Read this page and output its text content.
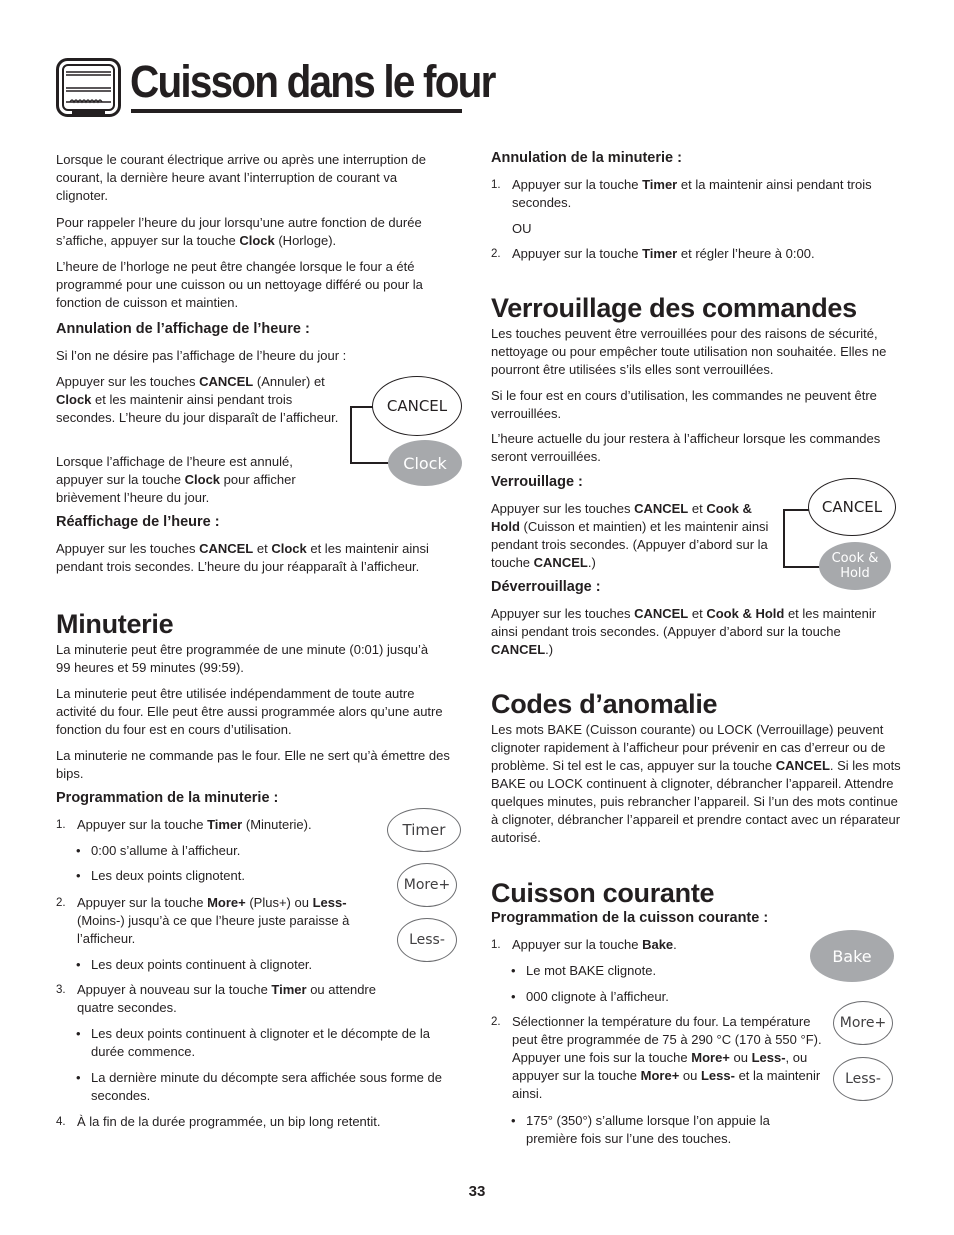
Cuisson dans le four
Lorsque le courant électrique arrive ou après une interruption de courant, la dernière heure avant l’interruption de courant va clignoter.
Pour rappeler l’heure du jour lorsqu’une autre fonction de durée s’affiche, appuyer sur la touche Clock (Horloge).
L’heure de l’horloge ne peut être changée lorsque le four a été programmé pour une cuisson ou un nettoyage différé ou pour la fonction de cuisson et maintien.
Annulation de l’affichage de l’heure :
Si l’on ne désire pas l’affichage de l’heure du jour :
Appuyer sur les touches CANCEL (Annuler) et Clock et les maintenir ainsi pendant trois secondes. L’heure du jour disparaît de l’afficheur.
Lorsque l’affichage de l’heure est annulé, appuyer sur la touche Clock pour afficher brièvement l’heure du jour.
CANCEL
Clock
Réaffichage de l’heure :
Appuyer sur les touches CANCEL et Clock et les maintenir ainsi pendant trois secondes. L’heure du jour réapparaît à l’afficheur.
Minuterie
La minuterie peut être programmée de une minute (0:01) jusqu’à 99 heures et 59 minutes (99:59).
La minuterie peut être utilisée indépendamment de toute autre activité du four. Elle peut être aussi programmée alors qu’une autre fonction du four est en cours d’utilisation.
La minuterie ne commande pas le four. Elle ne sert qu’à émettre des bips.
Programmation de la minuterie :
1. Appuyer sur la touche Timer (Minuterie).
• 0:00 s’allume à l’afficheur.
• Les deux points clignotent.
2. Appuyer sur la touche More+ (Plus+) ou Less- (Moins-) jusqu’à ce que l’heure juste paraisse à l’afficheur.
• Les deux points continuent à clignoter.
3. Appuyer à nouveau sur la touche Timer ou attendre quatre secondes.
• Les deux points continuent à clignoter et le décompte de la durée commence.
• La dernière minute du décompte sera affichée sous forme de secondes.
4. À la fin de la durée programmée, un bip long retentit.
Timer
More+
Less-
Annulation de la minuterie :
1. Appuyer sur la touche Timer et la maintenir ainsi pendant trois secondes.
OU
2. Appuyer sur la touche Timer et régler l’heure à 0:00.
Verrouillage des commandes
Les touches peuvent être verrouillées pour des raisons de sécurité, nettoyage ou pour empêcher toute utilisation non souhaitée. Elles ne pourront être utilisées s’ils elles sont verrouillées.
Si le four est en cours d’utilisation, les commandes ne peuvent être verrouillées.
L’heure actuelle du jour restera à l’afficheur lorsque les commandes seront verrouillées.
Verrouillage :
Appuyer sur les touches CANCEL et Cook & Hold (Cuisson et maintien) et les maintenir ainsi pendant trois secondes. (Appuyer d’abord sur la touche CANCEL.)
CANCEL
Cook &
Hold
Déverrouillage :
Appuyer sur les touches CANCEL et Cook & Hold et les maintenir ainsi pendant trois secondes. (Appuyer d’abord sur la touche CANCEL.)
Codes d’anomalie
Les mots BAKE (Cuisson courante) ou LOCK (Verrouillage) peuvent clignoter rapidement à l’afficheur pour prévenir en cas d’erreur ou de problème. Si tel est le cas, appuyer sur la touche CANCEL. Si les mots BAKE ou LOCK continuent à clignoter, débrancher l’appareil. Attendre quelques minutes, puis rebrancher l’appareil. Si l’un des mots continue à clignoter, débrancher l’appareil et prendre contact avec un réparateur autorisé.
Cuisson courante
Programmation de la cuisson courante :
1. Appuyer sur la touche Bake.
• Le mot BAKE clignote.
• 000 clignote à l’afficheur.
2. Sélectionner la température du four. La température peut être programmée de 75 à 290 °C (170 à 550 °F). Appuyer une fois sur la touche More+ ou Less-, ou appuyer sur la touche More+ ou Less- et la maintenir ainsi.
• 175° (350°) s’allume lorsque l’on appuie la première fois sur l’une des touches.
Bake
More+
Less-
33
